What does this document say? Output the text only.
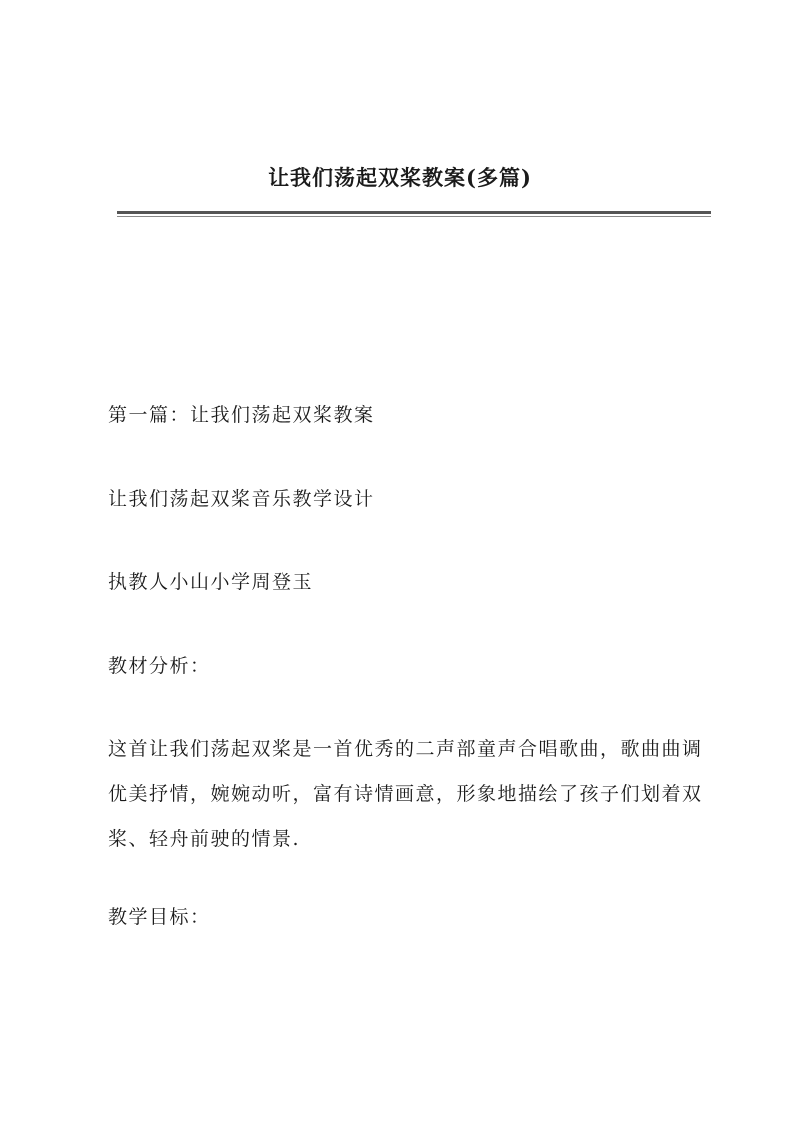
让我们荡起双桨教案(多篇)
第一篇：让我们荡起双桨教案
让我们荡起双桨音乐教学设计
执教人小山小学周登玉
教材分析：
这首让我们荡起双桨是一首优秀的二声部童声合唱歌曲，歌曲曲调优美抒情，婉婉动听，富有诗情画意，形象地描绘了孩子们划着双桨、轻舟前驶的情景.
教学目标：
